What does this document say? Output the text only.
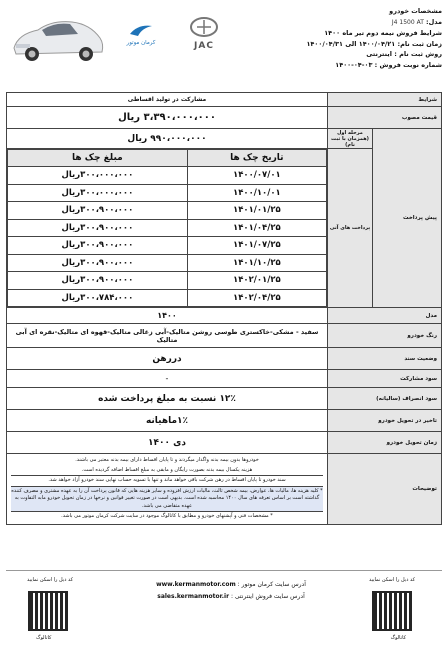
مشخصات خودرو
مدل: J4 1500 AT
شرایط فروش نیمه دوم تیر ماه ۱۴۰۰
زمان ثبت نام: ۱۴۰۰/۰۴/۲۱ الی ۱۴۰۰/۰۴/۳۱
روش ثبت نام : اینترنتی
شماره نوبت فروش : ۰۳-۰۴-۱۴۰۰
کرمان موتور	JAC
شرایط	مشارکت در تولید اقساطی
قیمت مصوب	۳،۳۹۰،۰۰۰،۰۰۰ ریال
پیش پرداخت	مرحله اول (همزمان با ثبت نام)	۹۹۰،۰۰۰،۰۰۰ ریال
پرداخت های آتی	
تاریخ چک ها	مبلغ چک ها
۱۴۰۰/۰۷/۰۱	۳۰۰،۰۰۰،۰۰۰ریال
۱۴۰۰/۱۰/۰۱	۳۰۰،۰۰۰،۰۰۰ریال
۱۴۰۱/۰۱/۲۵	۳۰۰،۹۰۰،۰۰۰ریال
۱۴۰۱/۰۴/۲۵	۳۰۰،۹۰۰،۰۰۰ریال
۱۴۰۱/۰۷/۲۵	۳۰۰،۹۰۰،۰۰۰ریال
۱۴۰۱/۱۰/۲۵	۳۰۰،۹۰۰،۰۰۰ریال
۱۴۰۲/۰۱/۲۵	۳۰۰،۹۰۰،۰۰۰ریال
۱۴۰۲/۰۴/۲۵	۳۰۰،۷۸۴،۰۰۰ریال

مدل	۱۴۰۰
رنگ خودرو	سفید - مشکی-خاکستری طوسی روشن متالیک-آبی زغالی متالیک-قهوه ای متالیک-نقره ای آبی متالیک
وضعیت سند	دررهن
سود مشارکت	-
سود انصراف (سالیانه)	۱۲٪ نسبت به مبلغ پرداخت شده
تاخیر در تحویل خودرو	۱٪ماهیانه
زمان تحویل خودرو	دی ۱۴۰۰
توضیحات	
خودروها بدون بیمه بدنه واگذار میگردند و تا پایان اقساط دارای بیمه بدنه معتبر می باشند.
هزینه یکسال بیمه بدنه بصورت رایگان و مابقی به مبلغ اقساط اضافه گردیده است.
سند خودرو تا پایان اقساط در رهن شرکت باقی خواهد ماند و تنها با تسویه حساب نهایی سند خودرو آزاد خواهد شد.
* کلیه هزینه ها، مالیات ها، عوارض، بیمه شخص ثالث، مالیات ارزش افزوده و سایر هزینه هایی که قانون پرداخت آن را به عهده مشتری و مصرف کننده گذاشته است بر اساس تعرفه های سال ۱۴۰۰ محاسبه شده است. بدیهی است در صورت تغییر قوانین و نرخها در زمان تحویل خودرو مابه التفاوت به عهده متقاضی می باشد.
* مشخصات فنی و آپشنهای خودرو و مطابق با کاتالوگ موجود در سایت شرکت کرمان موتور می باشد.
کد ذیل را اسکن نمایید
کاتالوگ
آدرس سایت کرمان موتور : www.kermanmotor.com
آدرس سایت فروش اینترنتی : sales.kermanmotor.ir
کد ذیل را اسکن نمایید
کاتالوگ
